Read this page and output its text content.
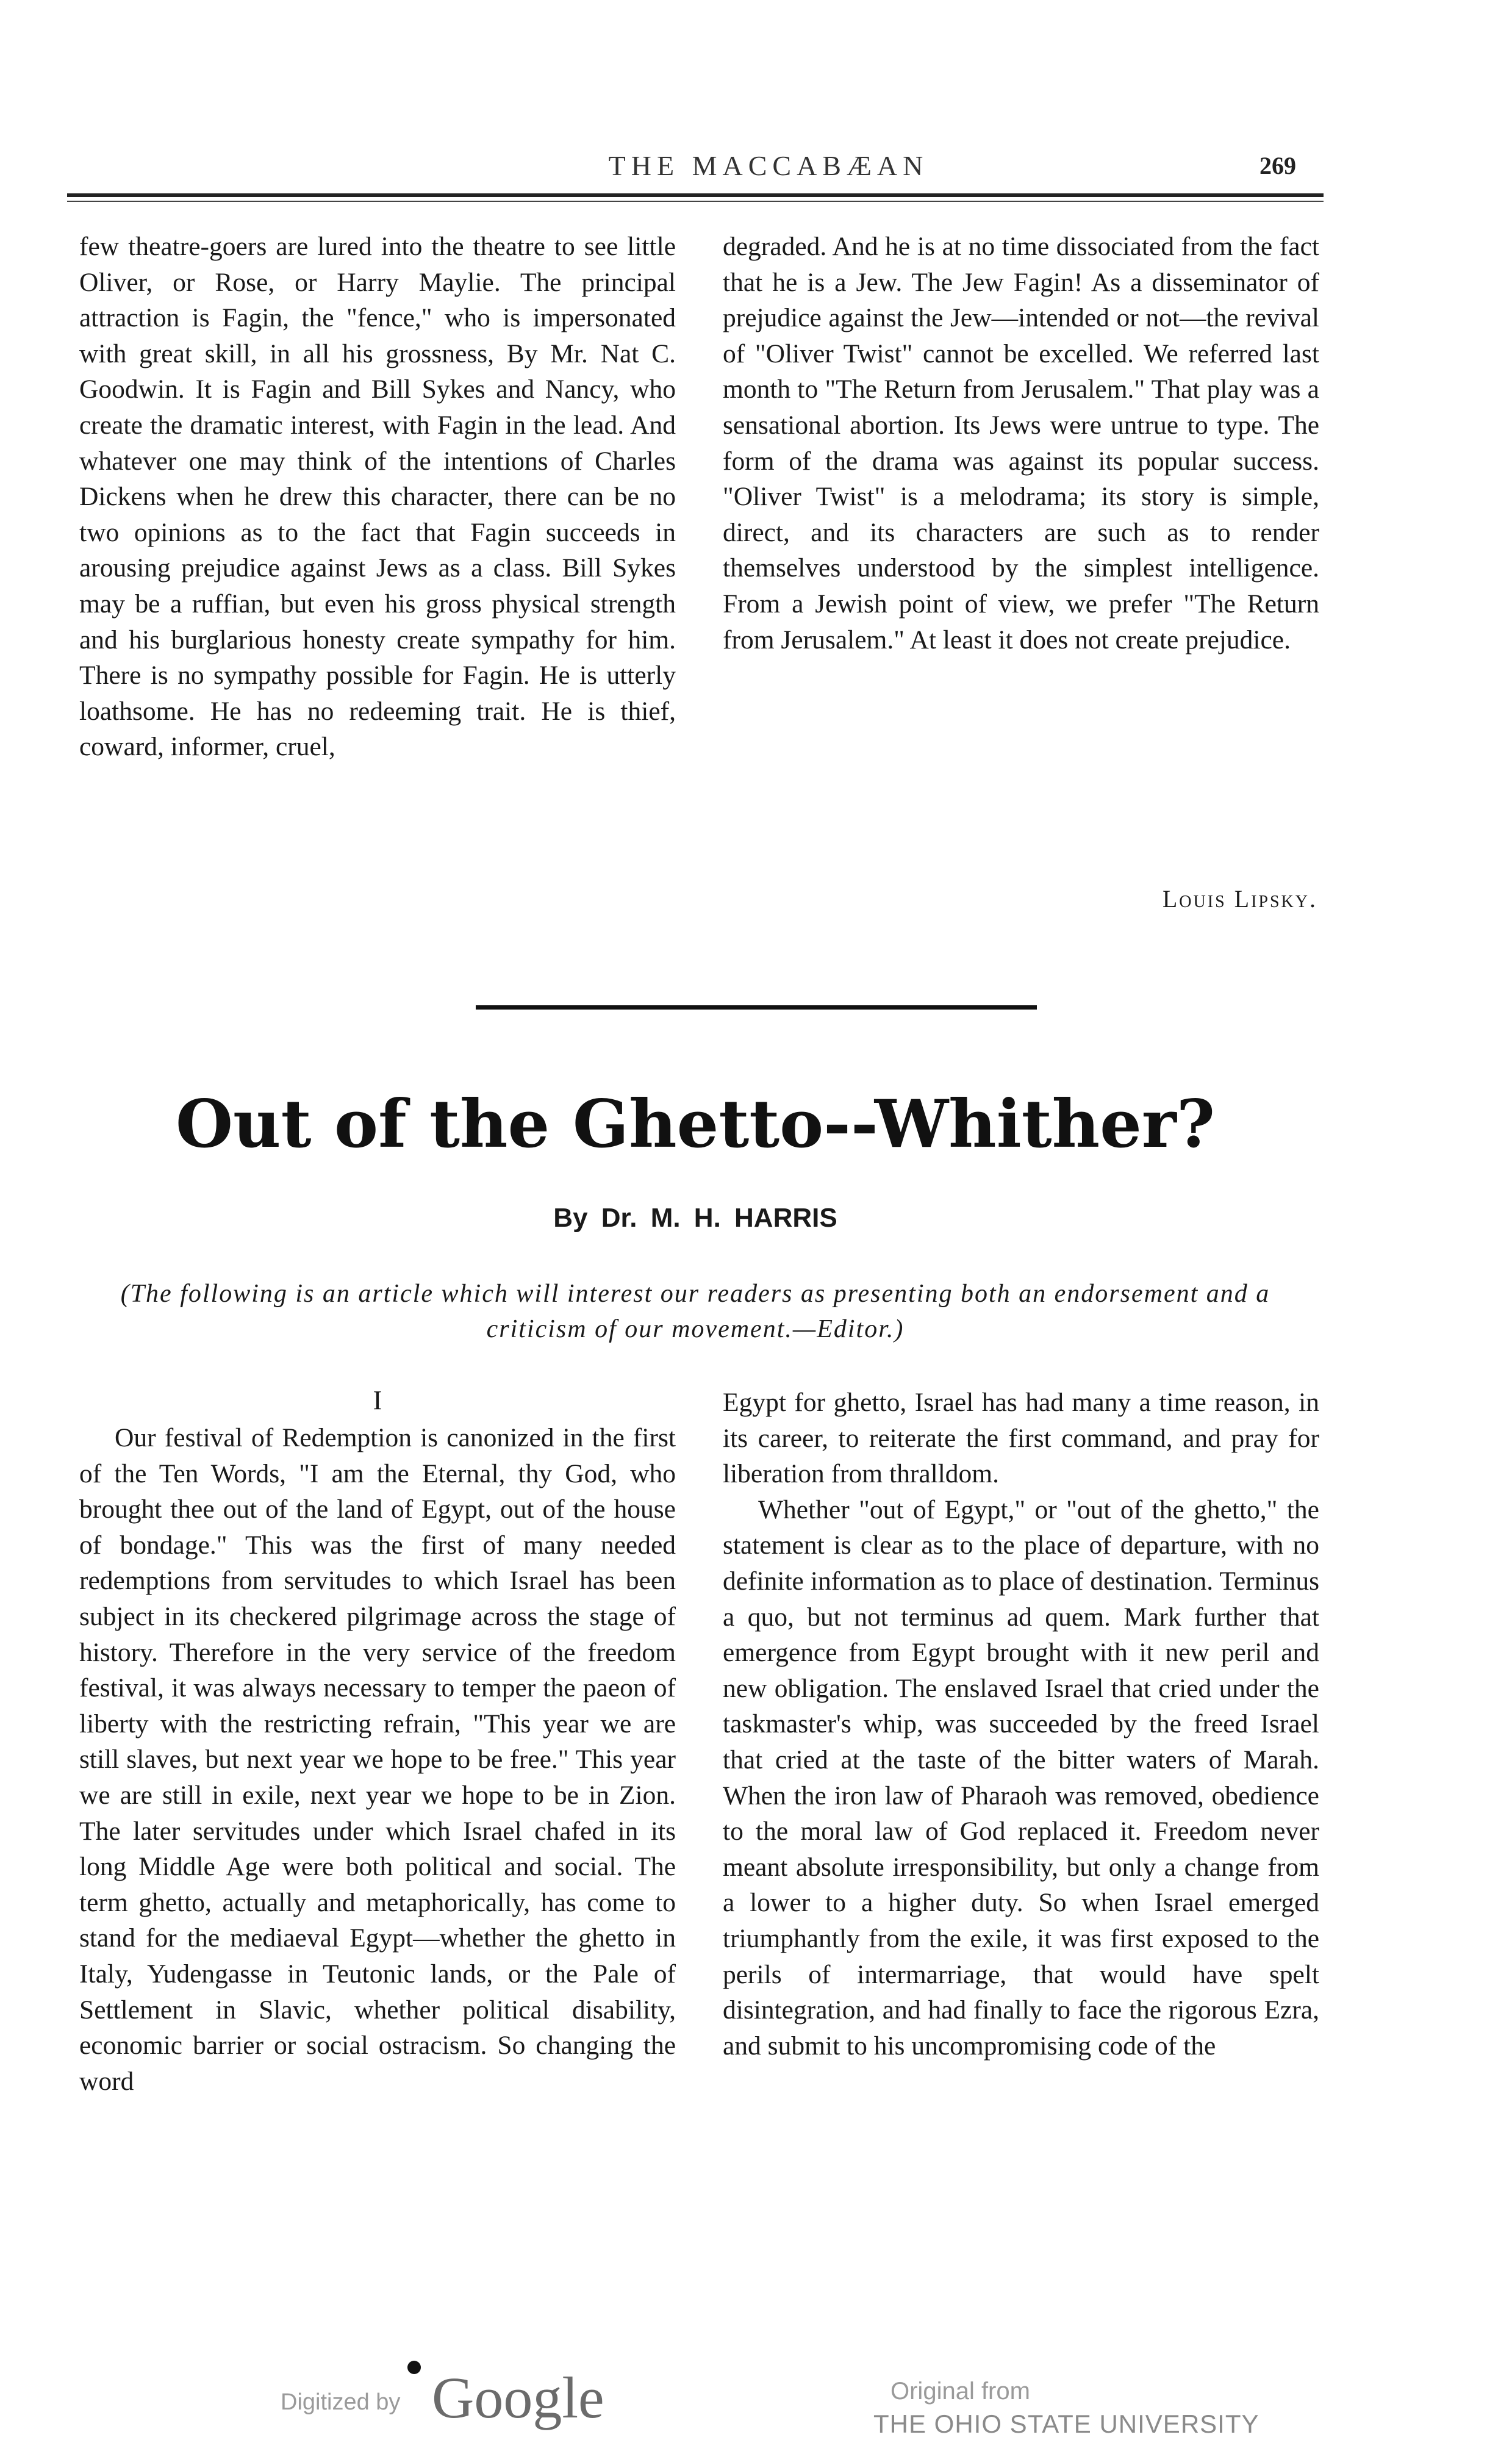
THE MACCABÆAN	269

few theatre-goers are lured into the theatre to see little Oliver, or Rose, or Harry Maylie. The principal attraction is Fagin, the "fence," who is impersonated with great skill, in all his grossness, By Mr. Nat C. Goodwin. It is Fagin and Bill Sykes and Nancy, who create the dramatic interest, with Fagin in the lead. And whatever one may think of the intentions of Charles Dickens when he drew this character, there can be no two opinions as to the fact that Fagin succeeds in arousing prejudice against Jews as a class. Bill Sykes may be a ruffian, but even his gross physical strength and his burglarious honesty create sympathy for him. There is no sympathy possible for Fagin. He is utterly loathsome. He has no redeeming trait. He is thief, coward, informer, cruel,

degraded. And he is at no time dissociated from the fact that he is a Jew. The Jew Fagin! As a disseminator of prejudice against the Jew—intended or not—the revival of "Oliver Twist" cannot be excelled. We referred last month to "The Return from Jerusalem." That play was a sensational abortion. Its Jews were untrue to type. The form of the drama was against its popular success. "Oliver Twist" is a melodrama; its story is simple, direct, and its characters are such as to render themselves understood by the simplest intelligence. From a Jewish point of view, we prefer "The Return from Jerusalem." At least it does not create prejudice.

Louis Lipsky.
Out of the Ghetto--Whither?
By Dr. M. H. HARRIS
(The following is an article which will interest our readers as presenting both an endorsement and a criticism of our movement.—Editor.)
I

Our festival of Redemption is canonized in the first of the Ten Words, "I am the Eternal, thy God, who brought thee out of the land of Egypt, out of the house of bondage." This was the first of many needed redemptions from servitudes to which Israel has been subject in its checkered pilgrimage across the stage of history. Therefore in the very service of the freedom festival, it was always necessary to temper the paeon of liberty with the restricting refrain, "This year we are still slaves, but next year we hope to be free." This year we are still in exile, next year we hope to be in Zion. The later servitudes under which Israel chafed in its long Middle Age were both political and social. The term ghetto, actually and metaphorically, has come to stand for the mediaeval Egypt—whether the ghetto in Italy, Yudengasse in Teutonic lands, or the Pale of Settlement in Slavic, whether political disability, economic barrier or social ostracism. So changing the word

Egypt for ghetto, Israel has had many a time reason, in its career, to reiterate the first command, and pray for liberation from thralldom.

Whether "out of Egypt," or "out of the ghetto," the statement is clear as to the place of departure, with no definite information as to place of destination. Terminus a quo, but not terminus ad quem. Mark further that emergence from Egypt brought with it new peril and new obligation. The enslaved Israel that cried under the taskmaster's whip, was succeeded by the freed Israel that cried at the taste of the bitter waters of Marah. When the iron law of Pharaoh was removed, obedience to the moral law of God replaced it. Freedom never meant absolute irresponsibility, but only a change from a lower to a higher duty. So when Israel emerged triumphantly from the exile, it was first exposed to the perils of intermarriage, that would have spelt disintegration, and had finally to face the rigorous Ezra, and submit to his uncompromising code of the

Digitized by Google	Original from
THE OHIO STATE UNIVERSITY
